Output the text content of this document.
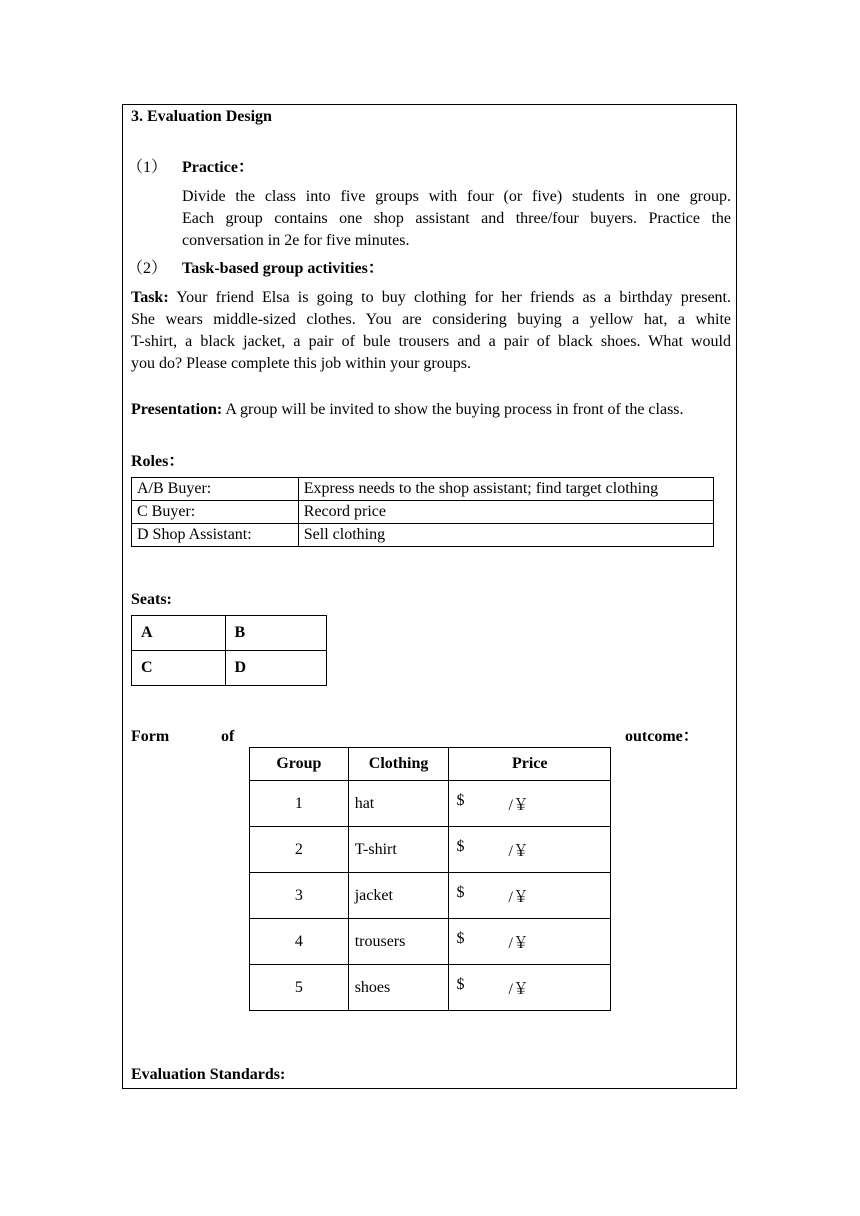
3. Evaluation Design
（1） Practice：
Divide the class into five groups with four (or five) students in one group.
Each group contains one shop assistant and three/four buyers. Practice the
conversation in 2e for five minutes.
（2） Task-based group activities：
Task: Your friend Elsa is going to buy clothing for her friends as a birthday present.
She wears middle-sized clothes. You are considering buying a yellow hat, a white
T-shirt, a black jacket, a pair of bule trousers and a pair of black shoes. What would
you do? Please complete this job within your groups.
Presentation: A group will be invited to show the buying process in front of the class.
Roles：
A/B Buyer:	Express needs to the shop assistant; find target clothing
C Buyer:	Record price
D Shop Assistant:	Sell clothing
Seats:
A	B
C	D
Form	of	outcome：
Group	Clothing	Price
1	hat	$ /￥

2	T-shirt	$ /￥

3	jacket	$ /￥

4	trousers	$ /￥

5	shoes	$ /￥
Evaluation Standards:
